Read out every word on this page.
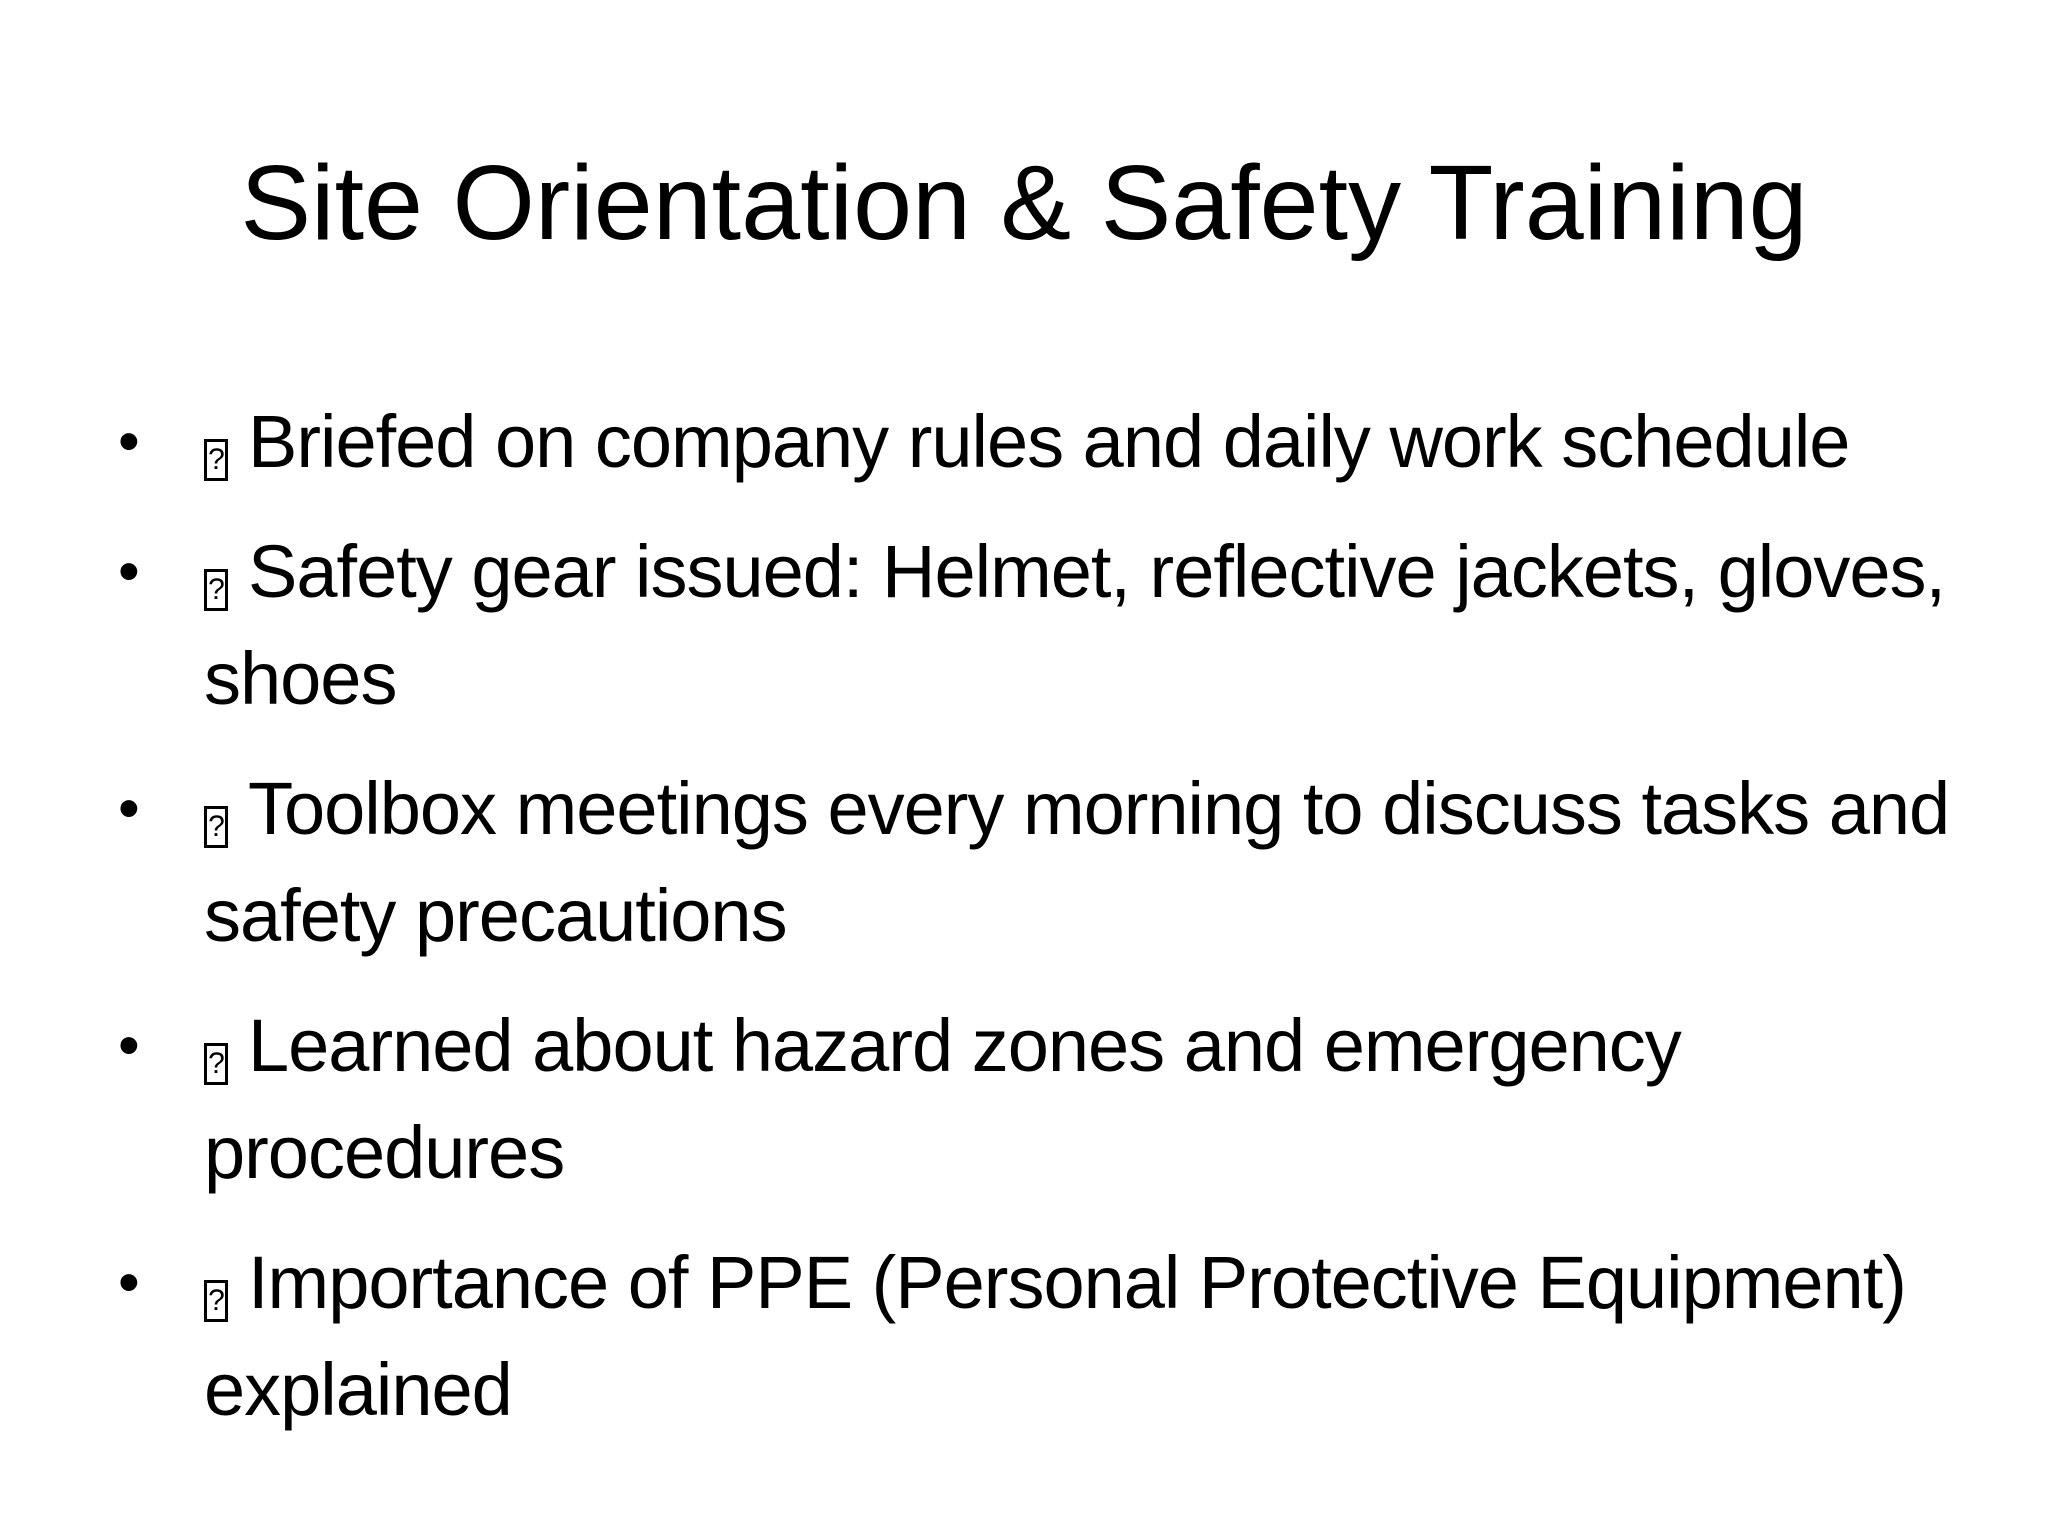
Site Orientation & Safety Training
•	? Briefed on company rules and daily work schedule
•	? Safety gear issued: Helmet, reflective jackets, gloves, shoes
•	? Toolbox meetings every morning to discuss tasks and safety precautions
•	? Learned about hazard zones and emergency procedures
•	? Importance of PPE (Personal Protective Equipment) explained
